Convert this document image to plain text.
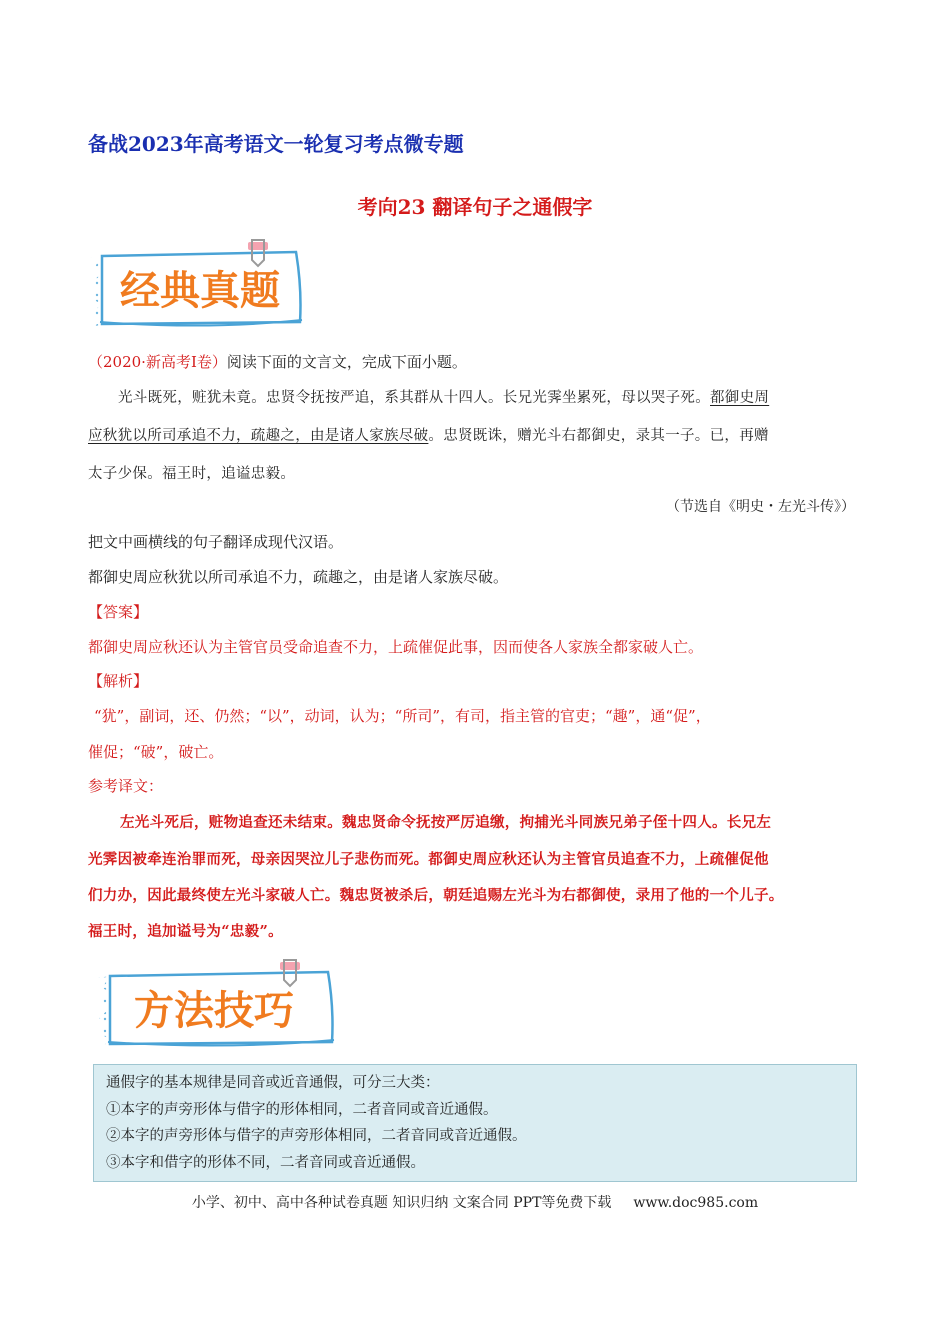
备战2023年高考语文一轮复习考点微专题
考向23 翻译句子之通假字
经典真题
（2020·新高考I卷）阅读下面的文言文，完成下面小题。
光斗既死，赃犹未竟。忠贤令抚按严追，系其群从十四人。长兄光霁坐累死，母以哭子死。都御史周
应秋犹以所司承追不力，疏趣之，由是诸人家族尽破。忠贤既诛，赠光斗右都御史，录其一子。已，再赠
太子少保。福王时，追谥忠毅。
（节选自《明史・左光斗传》）
把文中画横线的句子翻译成现代汉语。
都御史周应秋犹以所司承追不力，疏趣之，由是诸人家族尽破。
【答案】
都御史周应秋还认为主管官员受命追查不力，上疏催促此事，因而使各人家族全都家破人亡。
【解析】
“犹”，副词，还、仍然；“以”，动词，认为；“所司”，有司，指主管的官吏；“趣”，通“促”，
催促；“破”，破亡。
参考译文：
左光斗死后，赃物追查还未结束。魏忠贤命令抚按严厉追缴，拘捕光斗同族兄弟子侄十四人。长兄左
光霁因被牵连治罪而死，母亲因哭泣儿子悲伤而死。都御史周应秋还认为主管官员追查不力，上疏催促他
们力办，因此最终使左光斗家破人亡。魏忠贤被杀后，朝廷追赐左光斗为右都御使，录用了他的一个儿子。
福王时，追加谥号为“忠毅”。
方法技巧
通假字的基本规律是同音或近音通假，可分三大类：
①本字的声旁形体与借字的形体相同，二者音同或音近通假。
②本字的声旁形体与借字的声旁形体相同，二者音同或音近通假。
③本字和借字的形体不同，二者音同或音近通假。
小学、初中、高中各种试卷真题 知识归纳 文案合同 PPT等免费下载 www.doc985.com
